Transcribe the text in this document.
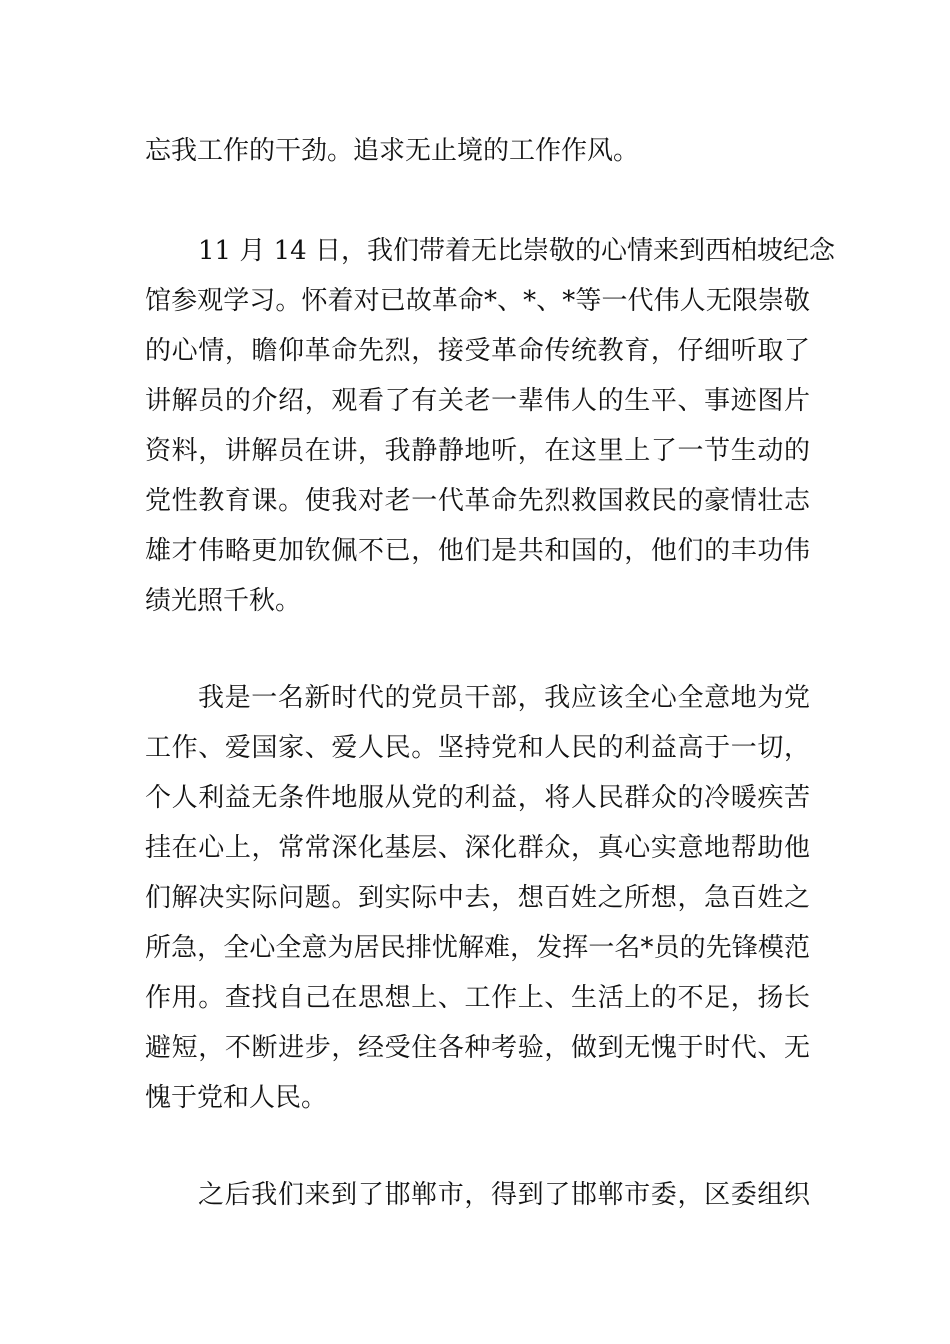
忘我工作的干劲。追求无止境的工作作风。
11 月 14 日，我们带着无比崇敬的心情来到西柏坡纪念
馆参观学习。怀着对已故革命*、*、*等一代伟人无限崇敬
的心情，瞻仰革命先烈，接受革命传统教育，仔细听取了
讲解员的介绍，观看了有关老一辈伟人的生平、事迹图片
资料，讲解员在讲，我静静地听，在这里上了一节生动的
党性教育课。使我对老一代革命先烈救国救民的豪情壮志
雄才伟略更加钦佩不已，他们是共和国的，他们的丰功伟
绩光照千秋。
我是一名新时代的党员干部，我应该全心全意地为党
工作、爱国家、爱人民。坚持党和人民的利益高于一切，
个人利益无条件地服从党的利益，将人民群众的冷暖疾苦
挂在心上，常常深化基层、深化群众，真心实意地帮助他
们解决实际问题。到实际中去，想百姓之所想，急百姓之
所急，全心全意为居民排忧解难，发挥一名*员的先锋模范
作用。查找自己在思想上、工作上、生活上的不足，扬长
避短，不断进步，经受住各种考验，做到无愧于时代、无
愧于党和人民。
之后我们来到了邯郸市，得到了邯郸市委，区委组织
